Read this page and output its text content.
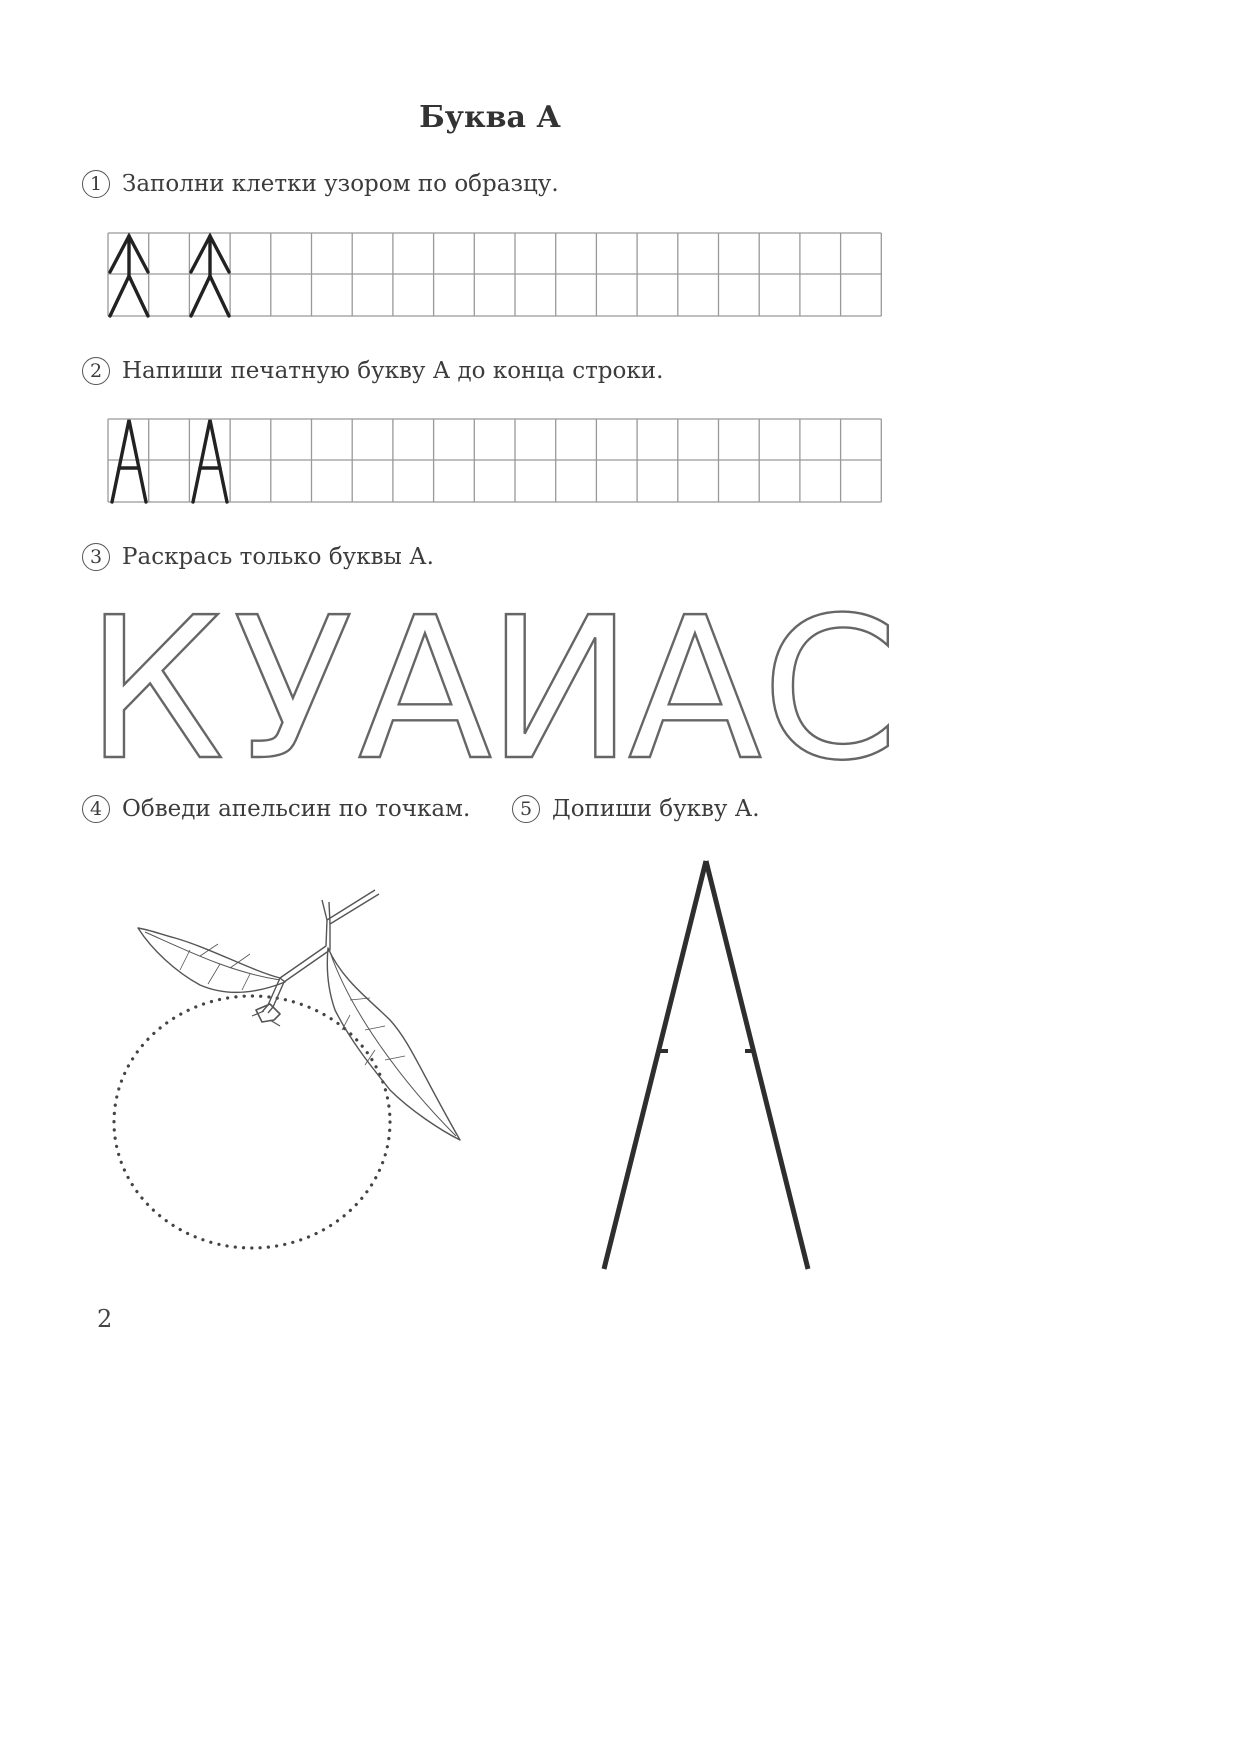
Буква А
1 Заполни клетки узором по образцу.
2 Напиши печатную букву А до конца строки.
3 Раскрась только буквы А.
К У А
И
А С
4 Обведи апельсин по точкам.	5 Допиши букву А.
2
